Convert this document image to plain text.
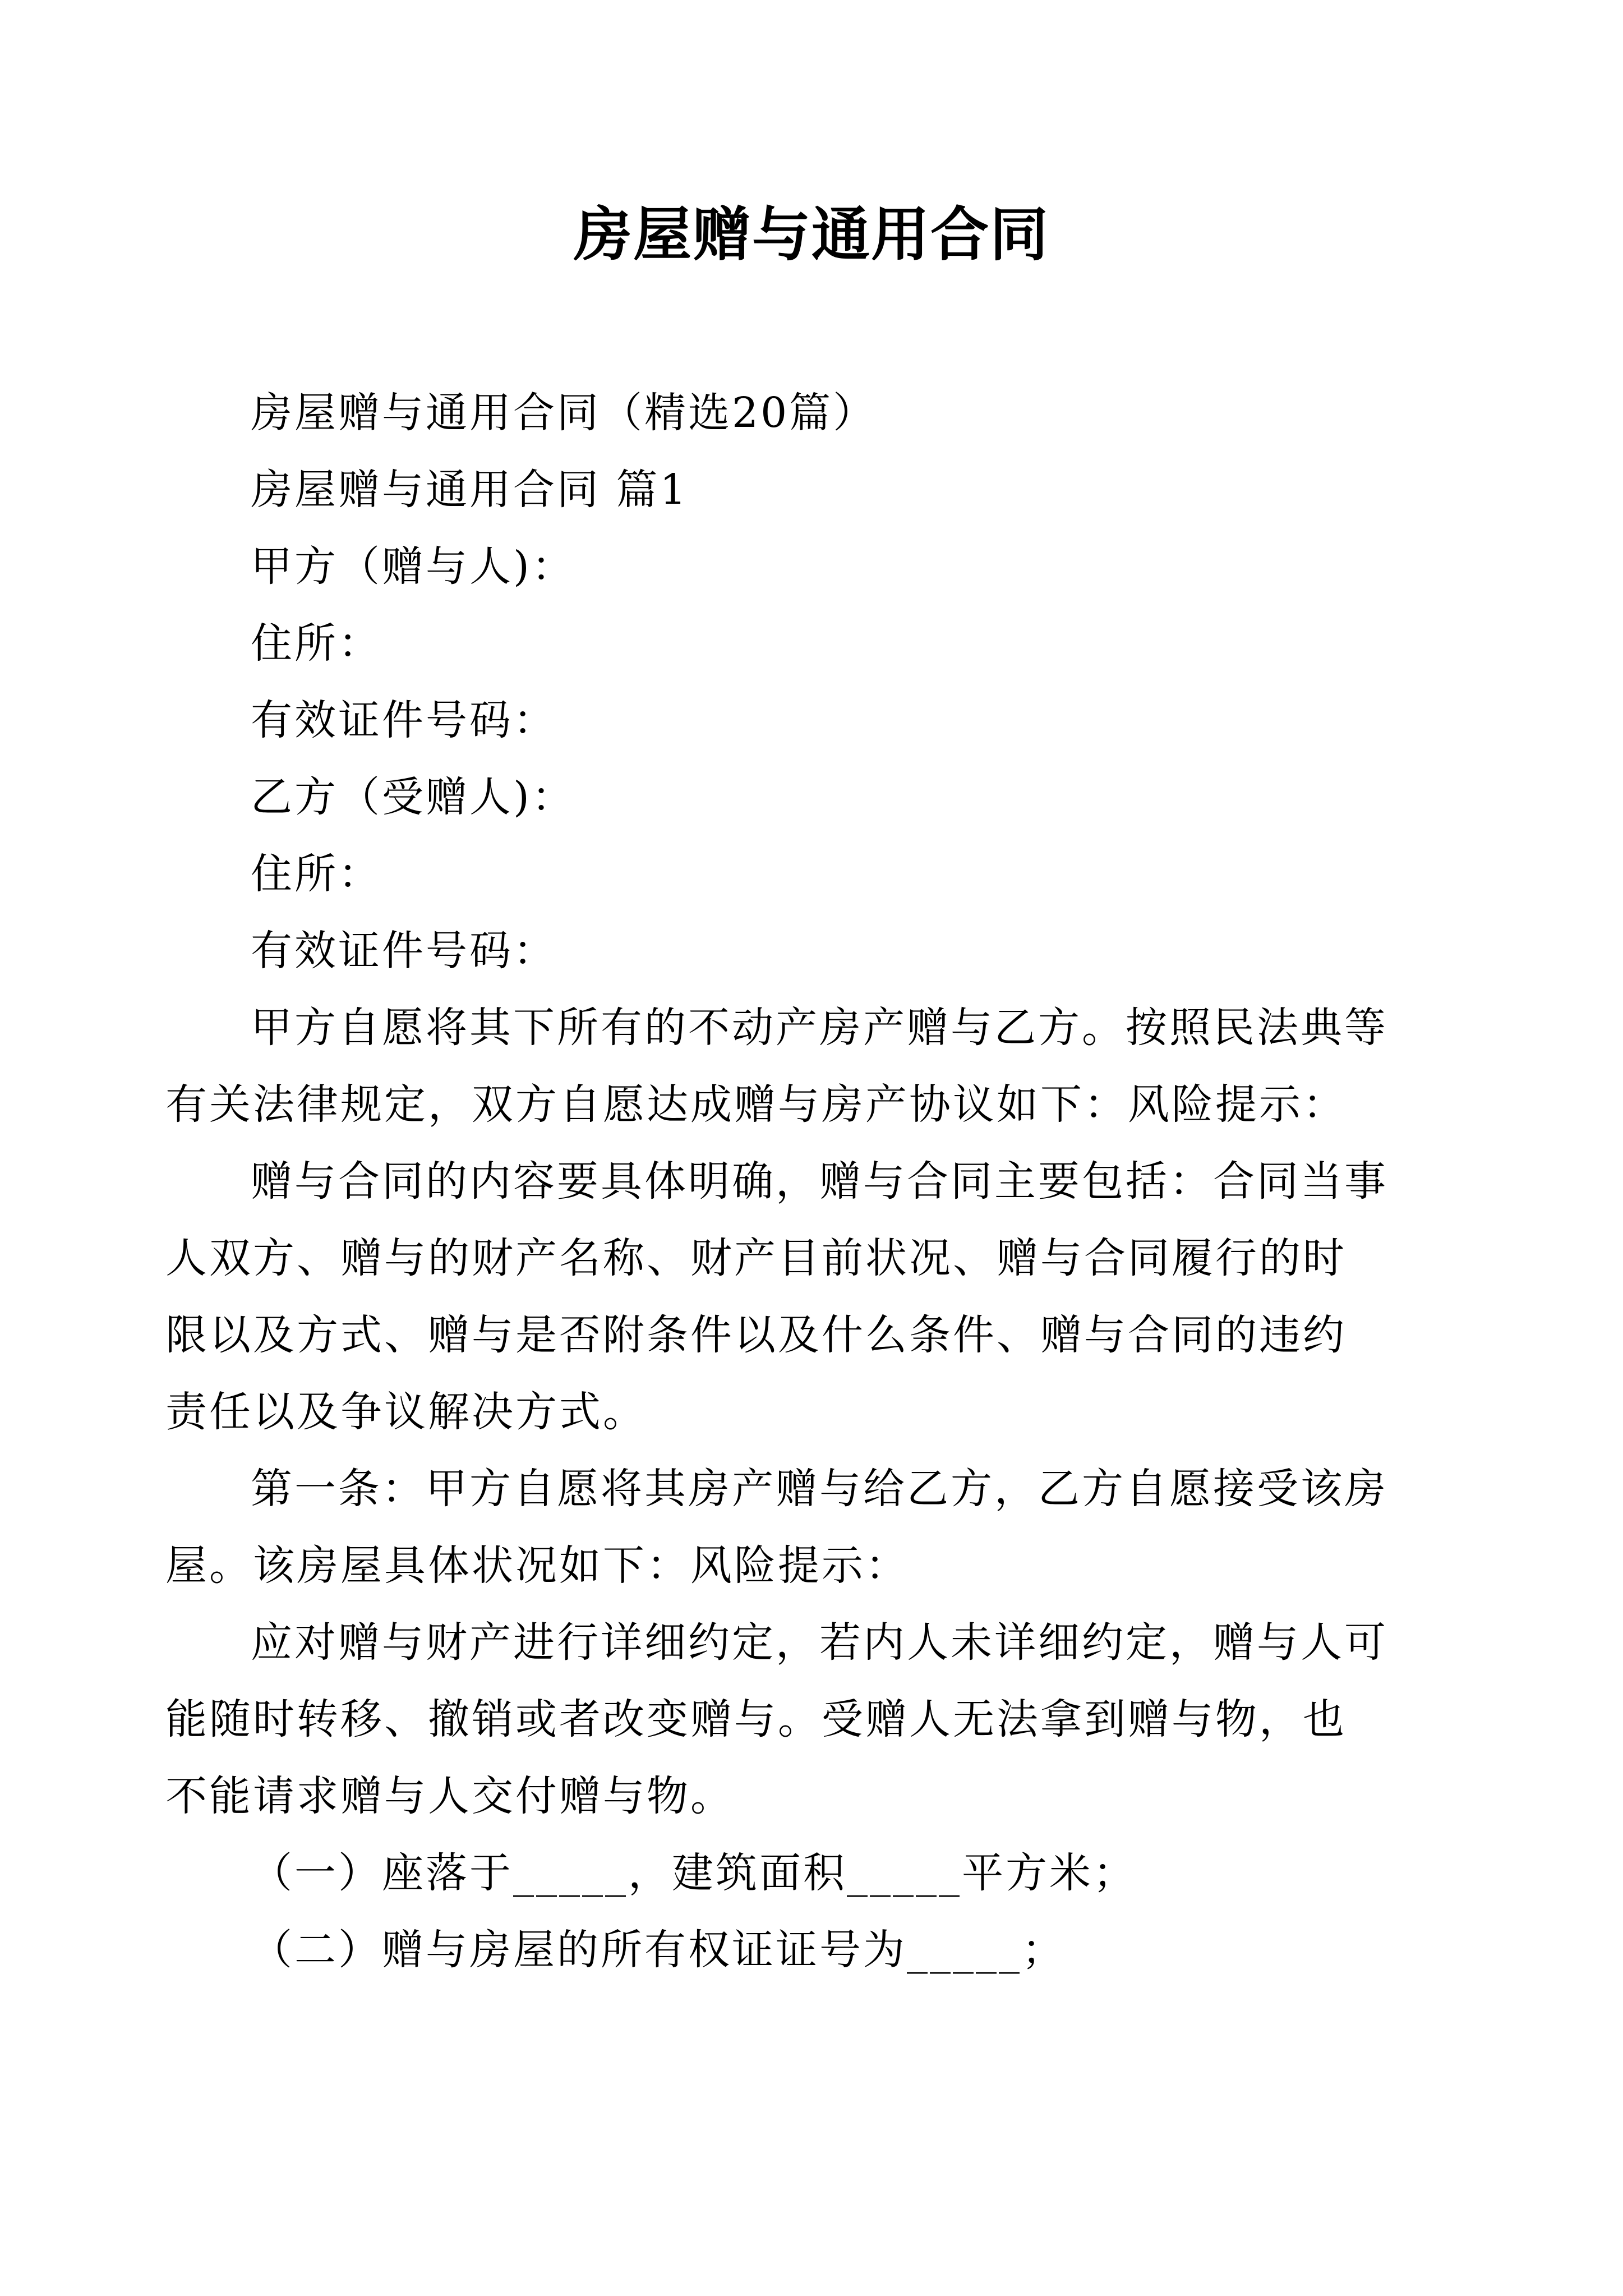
房屋赠与通用合同

房屋赠与通用合同（精选20篇）

房屋赠与通用合同 篇1

甲方（赠与人)：

住所：

有效证件号码：

乙方（受赠人)：

住所：

有效证件号码：

甲方自愿将其下所有的不动产房产赠与乙方。按照民法典等有关法律规定，双方自愿达成赠与房产协议如下：风险提示：

赠与合同的内容要具体明确，赠与合同主要包括：合同当事人双方、赠与的财产名称、财产目前状况、赠与合同履行的时限以及方式、赠与是否附条件以及什么条件、赠与合同的违约责任以及争议解决方式。

第一条：甲方自愿将其房产赠与给乙方，乙方自愿接受该房屋。该房屋具体状况如下：风险提示：

应对赠与财产进行详细约定，若内人未详细约定，赠与人可能随时转移、撤销或者改变赠与。受赠人无法拿到赠与物，也不能请求赠与人交付赠与物。

（一）座落于_____，建筑面积_____平方米；

（二）赠与房屋的所有权证证号为_____；
